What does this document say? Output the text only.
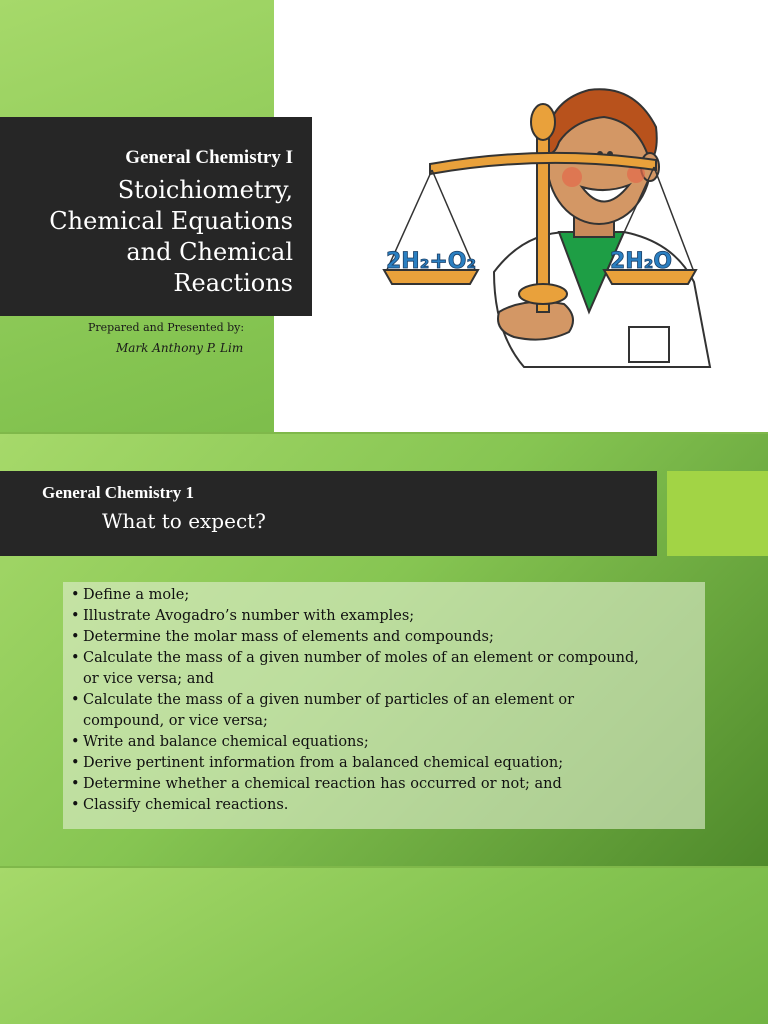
General Chemistry I
Stoichiometry, Chemical Equations and Chemical Reactions
Prepared and Presented by:
Mark Anthony P. Lim
2H₂+O₂	2H₂O
General Chemistry 1
What to expect?
• Define a mole;
• Illustrate Avogadro’s number with examples;
• Determine the molar mass of elements and compounds;
• Calculate the mass of a given number of moles of an element or compound,
or vice versa; and
• Calculate the mass of a given number of particles of an element or
compound, or vice versa;
• Write and balance chemical equations;
• Derive pertinent information from a balanced chemical equation;
• Determine whether a chemical reaction has occurred or not; and
• Classify chemical reactions.
